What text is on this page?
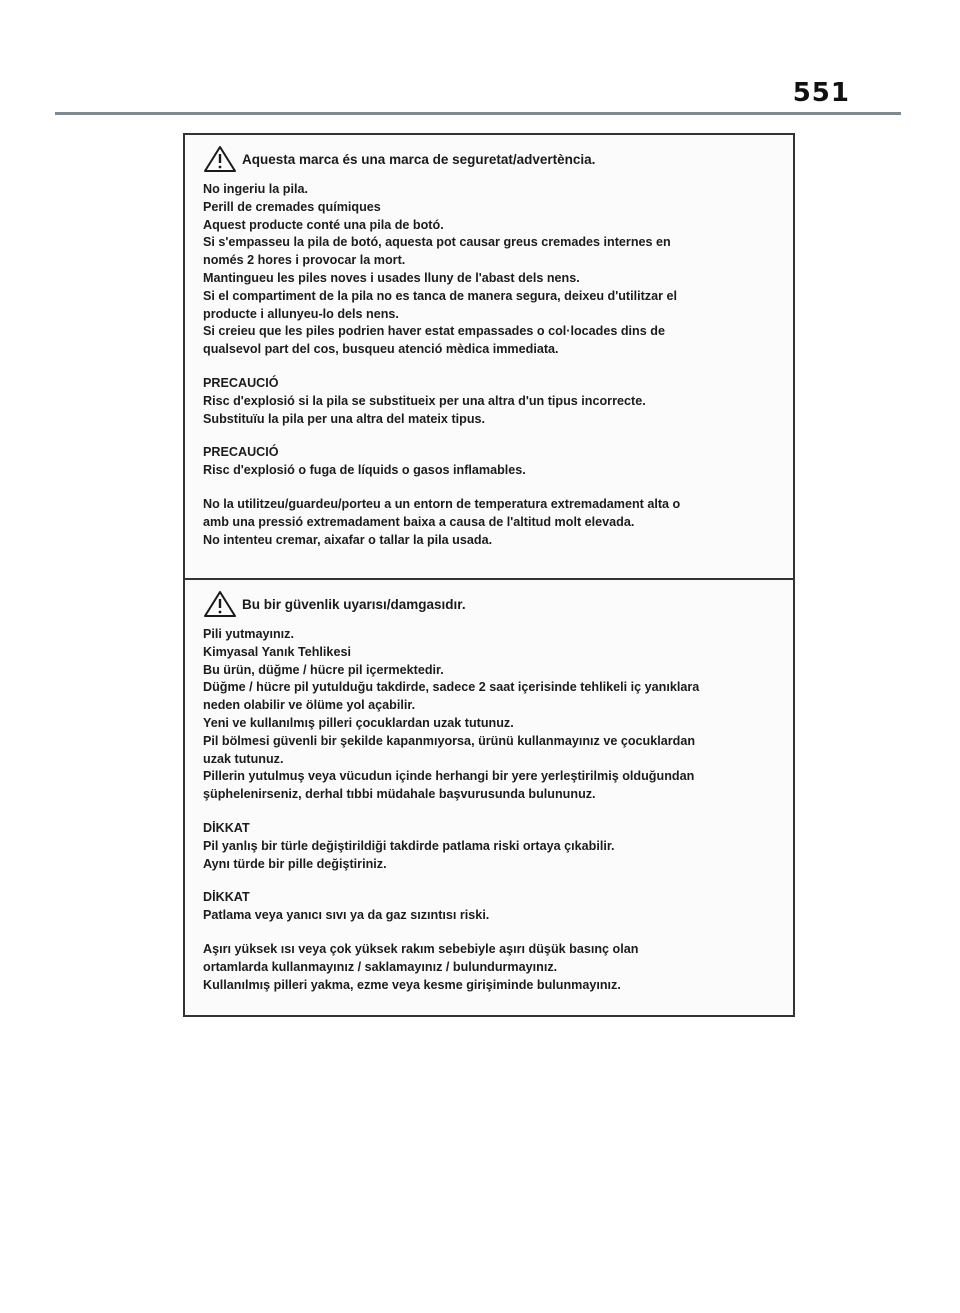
551
Aquesta marca és una marca de seguretat/advertència.

No ingeriu la pila.

Perill de cremades químiques

Aquest producte conté una pila de botó.

Si s'empasseu la pila de botó, aquesta pot causar greus cremades internes en

només 2 hores i provocar la mort.

Mantingueu les piles noves i usades lluny de l'abast dels nens.

Si el compartiment de la pila no es tanca de manera segura, deixeu d'utilitzar el

producte i allunyeu-lo dels nens.

Si creieu que les piles podrien haver estat empassades o col·locades dins de

qualsevol part del cos, busqueu atenció mèdica immediata.

PRECAUCIÓ

Risc d'explosió si la pila se substitueix per una altra d'un tipus incorrecte.

Substituïu la pila per una altra del mateix tipus.

PRECAUCIÓ

Risc d'explosió o fuga de líquids o gasos inflamables.

No la utilitzeu/guardeu/porteu a un entorn de temperatura extremadament alta o

amb una pressió extremadament baixa a causa de l'altitud molt elevada.

No intenteu cremar, aixafar o tallar la pila usada.

Bu bir güvenlik uyarısı/damgasıdır.

Pili yutmayınız.

Kimyasal Yanık Tehlikesi

Bu ürün, düğme / hücre pil içermektedir.

Düğme / hücre pil yutulduğu takdirde, sadece 2 saat içerisinde tehlikeli iç yanıklara

neden olabilir ve ölüme yol açabilir.

Yeni ve kullanılmış pilleri çocuklardan uzak tutunuz.

Pil bölmesi güvenli bir şekilde kapanmıyorsa, ürünü kullanmayınız ve çocuklardan

uzak tutunuz.

Pillerin yutulmuş veya vücudun içinde herhangi bir yere yerleştirilmiş olduğundan

şüphelenirseniz, derhal tıbbi müdahale başvurusunda bulununuz.

DİKKAT

Pil yanlış bir türle değiştirildiği takdirde patlama riski ortaya çıkabilir.

Aynı türde bir pille değiştiriniz.

DİKKAT

Patlama veya yanıcı sıvı ya da gaz sızıntısı riski.

Aşırı yüksek ısı veya çok yüksek rakım sebebiyle aşırı düşük basınç olan

ortamlarda kullanmayınız / saklamayınız / bulundurmayınız.

Kullanılmış pilleri yakma, ezme veya kesme girişiminde bulunmayınız.
